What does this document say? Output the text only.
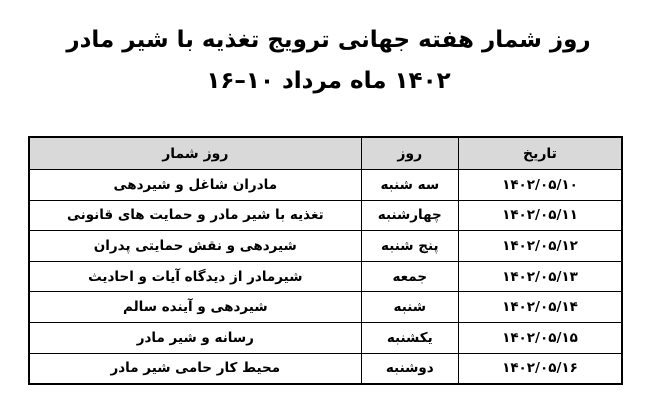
روز شمار هفته جهانی ترویج تغذیه با شیر مادر
۱۶–۱۰ مرداد ماه ۱۴۰۲
تاریخ	روز	روز شمار
۱۴۰۲/۰۵/۱۰	سه شنبه	مادران شاغل و شیردهی
۱۴۰۲/۰۵/۱۱	چهارشنبه	تغذیه با شیر مادر و حمایت های قانونی
۱۴۰۲/۰۵/۱۲	پنج شنبه	شیردهی و نقش حمایتی پدران
۱۴۰۲/۰۵/۱۳	جمعه	شیرمادر از دیدگاه آیات و احادیث
۱۴۰۲/۰۵/۱۴	شنبه	شیردهی و آینده سالم
۱۴۰۲/۰۵/۱۵	یکشنبه	رسانه و شیر مادر
۱۴۰۲/۰۵/۱۶	دوشنبه	محیط کار حامی شیر مادر
